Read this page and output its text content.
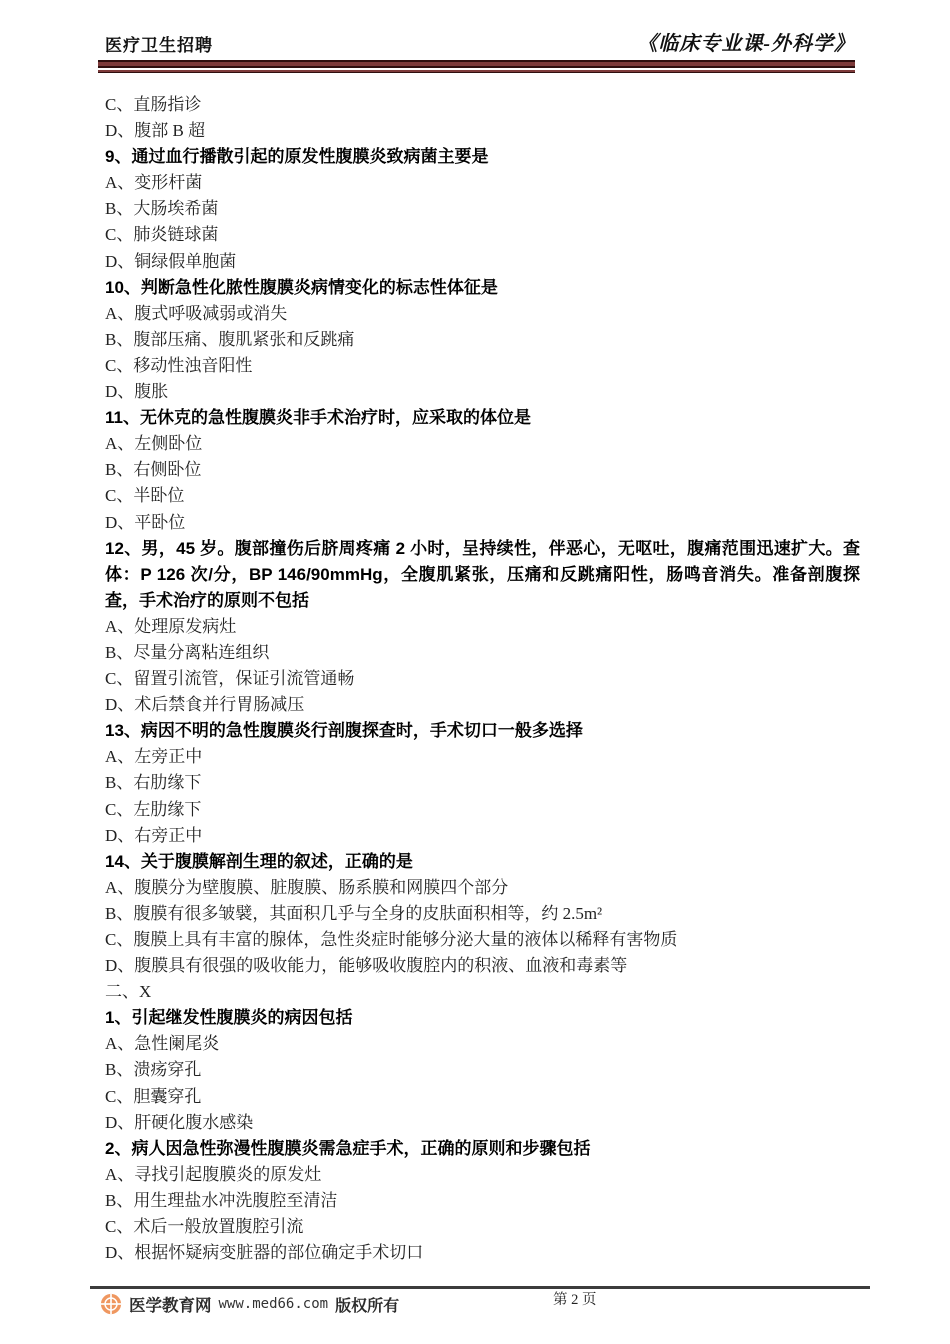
医疗卫生招聘	《临床专业课-外科学》
C、直肠指诊
D、腹部 B 超
9、通过血行播散引起的原发性腹膜炎致病菌主要是
A、变形杆菌
B、大肠埃希菌
C、肺炎链球菌
D、铜绿假单胞菌
10、判断急性化脓性腹膜炎病情变化的标志性体征是
A、腹式呼吸减弱或消失
B、腹部压痛、腹肌紧张和反跳痛
C、移动性浊音阳性
D、腹胀
11、无休克的急性腹膜炎非手术治疗时，应采取的体位是
A、左侧卧位
B、右侧卧位
C、半卧位
D、平卧位
12、男，45 岁。腹部撞伤后脐周疼痛 2 小时，呈持续性，伴恶心，无呕吐，腹痛范围迅速扩大。查体：P 126 次/分，BP 146/90mmHg，全腹肌紧张，压痛和反跳痛阳性，肠鸣音消失。准备剖腹探查，手术治疗的原则不包括
A、处理原发病灶
B、尽量分离粘连组织
C、留置引流管，保证引流管通畅
D、术后禁食并行胃肠减压
13、病因不明的急性腹膜炎行剖腹探查时，手术切口一般多选择
A、左旁正中
B、右肋缘下
C、左肋缘下
D、右旁正中
14、关于腹膜解剖生理的叙述，正确的是
A、腹膜分为壁腹膜、脏腹膜、肠系膜和网膜四个部分
B、腹膜有很多皱襞，其面积几乎与全身的皮肤面积相等，约 2.5m²
C、腹膜上具有丰富的腺体，急性炎症时能够分泌大量的液体以稀释有害物质
D、腹膜具有很强的吸收能力，能够吸收腹腔内的积液、血液和毒素等
二、X
1、引起继发性腹膜炎的病因包括
A、急性阑尾炎
B、溃疡穿孔
C、胆囊穿孔
D、肝硬化腹水感染
2、病人因急性弥漫性腹膜炎需急症手术，正确的原则和步骤包括
A、寻找引起腹膜炎的原发灶
B、用生理盐水冲洗腹腔至清洁
C、术后一般放置腹腔引流
D、根据怀疑病变脏器的部位确定手术切口
第 2 页
医学教育网 www.med66.com 版权所有
